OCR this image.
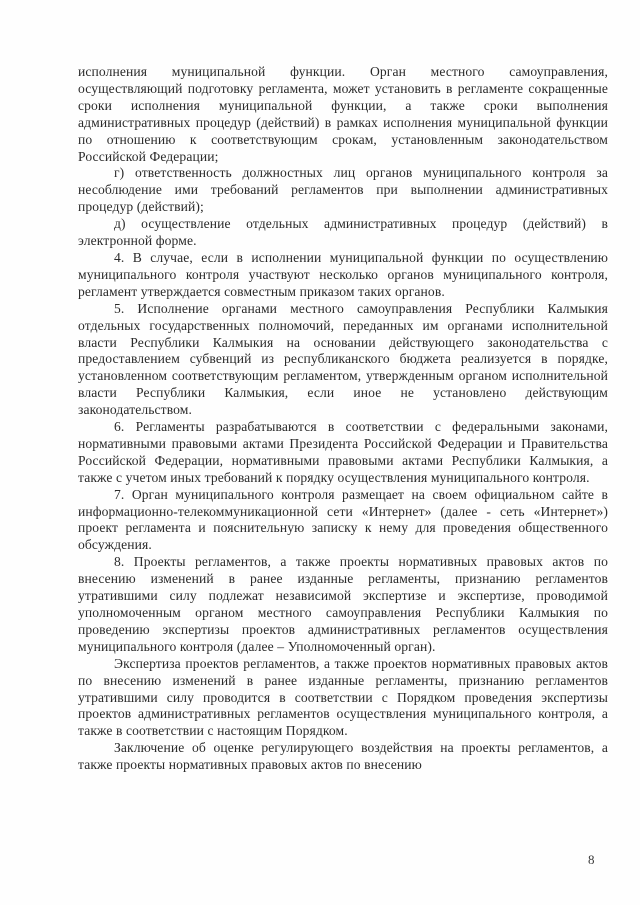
исполнения муниципальной функции. Орган местного самоуправления, осуществляющий подготовку регламента, может установить в регламенте сокращенные сроки исполнения муниципальной функции, а также сроки выполнения административных процедур (действий) в рамках исполнения муниципальной функции по отношению к соответствующим срокам, установленным законодательством Российской Федерации;

г) ответственность должностных лиц органов муниципального контроля за несоблюдение ими требований регламентов при выполнении административных процедур (действий);

д) осуществление отдельных административных процедур (действий) в электронной форме.

4. В случае, если в исполнении муниципальной функции по осуществлению муниципального контроля участвуют несколько органов муниципального контроля, регламент утверждается совместным приказом таких органов.

5. Исполнение органами местного самоуправления Республики Калмыкия отдельных государственных полномочий, переданных им органами исполнительной власти Республики Калмыкия на основании действующего законодательства с предоставлением субвенций из республиканского бюджета реализуется в порядке, установленном соответствующим регламентом, утвержденным органом исполнительной власти Республики Калмыкия, если иное не установлено действующим законодательством.

6. Регламенты разрабатываются в соответствии с федеральными законами, нормативными правовыми актами Президента Российской Федерации и Правительства Российской Федерации, нормативными правовыми актами Республики Калмыкия, а также с учетом иных требований к порядку осуществления муниципального контроля.

7. Орган муниципального контроля размещает на своем официальном сайте в информационно-телекоммуникационной сети «Интернет» (далее - сеть «Интернет») проект регламента и пояснительную записку к нему для проведения общественного обсуждения.

8. Проекты регламентов, а также проекты нормативных правовых актов по внесению изменений в ранее изданные регламенты, признанию регламентов утратившими силу подлежат независимой экспертизе и экспертизе, проводимой уполномоченным органом местного самоуправления Республики Калмыкия по проведению экспертизы проектов административных регламентов осуществления муниципального контроля (далее – Уполномоченный орган).

Экспертиза проектов регламентов, а также проектов нормативных правовых актов по внесению изменений в ранее изданные регламенты, признанию регламентов утратившими силу проводится в соответствии с Порядком проведения экспертизы проектов административных регламентов осуществления муниципального контроля, а также в соответствии с настоящим Порядком.

Заключение об оценке регулирующего воздействия на проекты регламентов, а также проекты нормативных правовых актов по внесению

8
